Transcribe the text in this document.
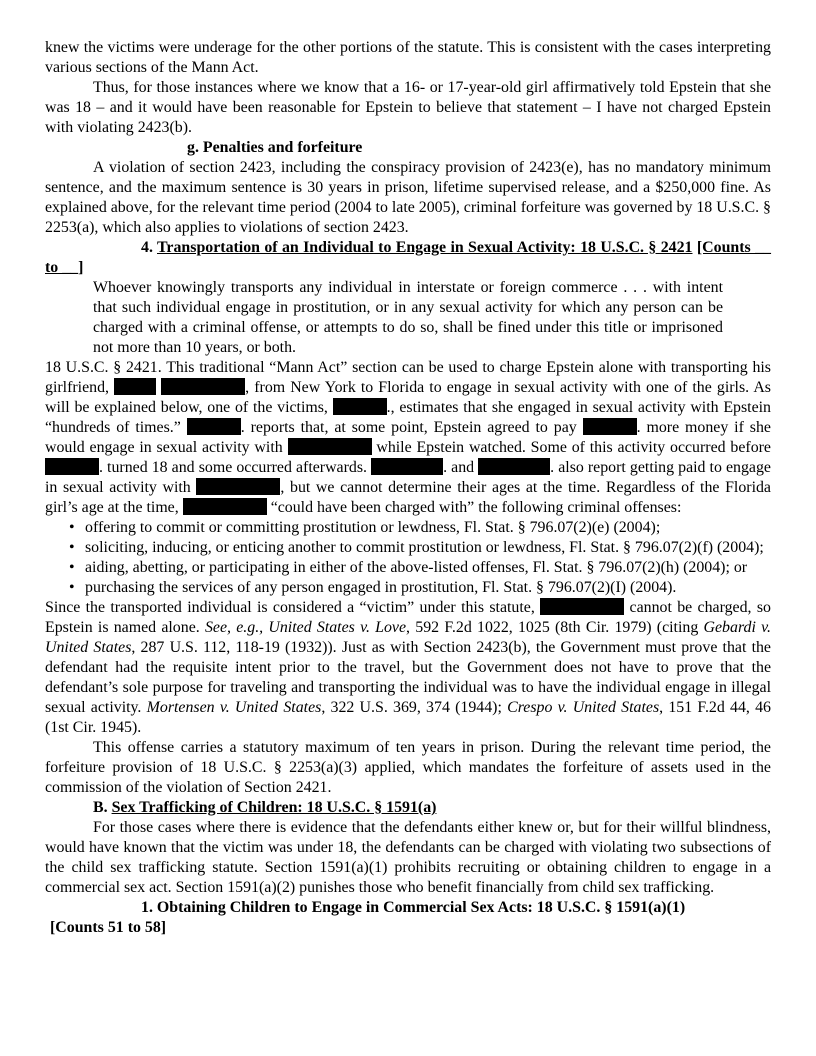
knew the victims were underage for the other portions of the statute. This is consistent with the cases interpreting various sections of the Mann Act.

Thus, for those instances where we know that a 16- or 17-year-old girl affirmatively told Epstein that she was 18 – and it would have been reasonable for Epstein to believe that statement – I have not charged Epstein with violating 2423(b).

g. Penalties and forfeiture

A violation of section 2423, including the conspiracy provision of 2423(e), has no mandatory minimum sentence, and the maximum sentence is 30 years in prison, lifetime supervised release, and a $250,000 fine. As explained above, for the relevant time period (2004 to late 2005), criminal forfeiture was governed by 18 U.S.C. § 2253(a), which also applies to violations of section 2423.

4. Transportation of an Individual to Engage in Sexual Activity: 18 U.S.C. § 2421 [Counts __ to __]

Whoever knowingly transports any individual in interstate or foreign commerce . . . with intent that such individual engage in prostitution, or in any sexual activity for which any person can be charged with a criminal offense, or attempts to do so, shall be fined under this title or imprisoned not more than 10 years, or both.

18 U.S.C. § 2421. This traditional “Mann Act” section can be used to charge Epstein alone with transporting his girlfriend,	, from New York to Florida to engage in sexual activity with one of the girls. As will be explained below, one of the victims,	., estimates that she engaged in sexual activity with Epstein “hundreds of times.”	. reports that, at some point, Epstein agreed to pay	. more money if she would engage in sexual activity with	while Epstein watched. Some of this activity occurred before . turned 18 and some occurred afterwards.	. and	. also report getting paid to engage in sexual activity with	, but we cannot determine their ages at the time. Regardless of the Florida girl’s age at the time,	“could have been charged with” the following criminal offenses:

• offering to commit or committing prostitution or lewdness, Fl. Stat. § 796.07(2)(e) (2004);
• soliciting, inducing, or enticing another to commit prostitution or lewdness, Fl. Stat. § 796.07(2)(f) (2004);
• aiding, abetting, or participating in either of the above-listed offenses, Fl. Stat. § 796.07(2)(h) (2004); or
• purchasing the services of any person engaged in prostitution, Fl. Stat. § 796.07(2)(I) (2004).

Since the transported individual is considered a “victim” under this statute,	cannot be charged, so Epstein is named alone. See, e.g., United States v. Love, 592 F.2d 1022, 1025 (8th Cir. 1979) (citing Gebardi v. United States, 287 U.S. 112, 118-19 (1932)). Just as with Section 2423(b), the Government must prove that the defendant had the requisite intent prior to the travel, but the Government does not have to prove that the defendant’s sole purpose for traveling and transporting the individual was to have the individual engage in illegal sexual activity. Mortensen v. United States, 322 U.S. 369, 374 (1944); Crespo v. United States, 151 F.2d 44, 46 (1st Cir. 1945).

This offense carries a statutory maximum of ten years in prison. During the relevant time period, the forfeiture provision of 18 U.S.C. § 2253(a)(3) applied, which mandates the forfeiture of assets used in the commission of the violation of Section 2421.

B. Sex Trafficking of Children: 18 U.S.C. § 1591(a)

For those cases where there is evidence that the defendants either knew or, but for their willful blindness, would have known that the victim was under 18, the defendants can be charged with violating two subsections of the child sex trafficking statute. Section 1591(a)(1) prohibits recruiting or obtaining children to engage in a commercial sex act. Section 1591(a)(2) punishes those who benefit financially from child sex trafficking.

1. Obtaining Children to Engage in Commercial Sex Acts: 18 U.S.C. § 1591(a)(1)

[Counts 51 to 58]
